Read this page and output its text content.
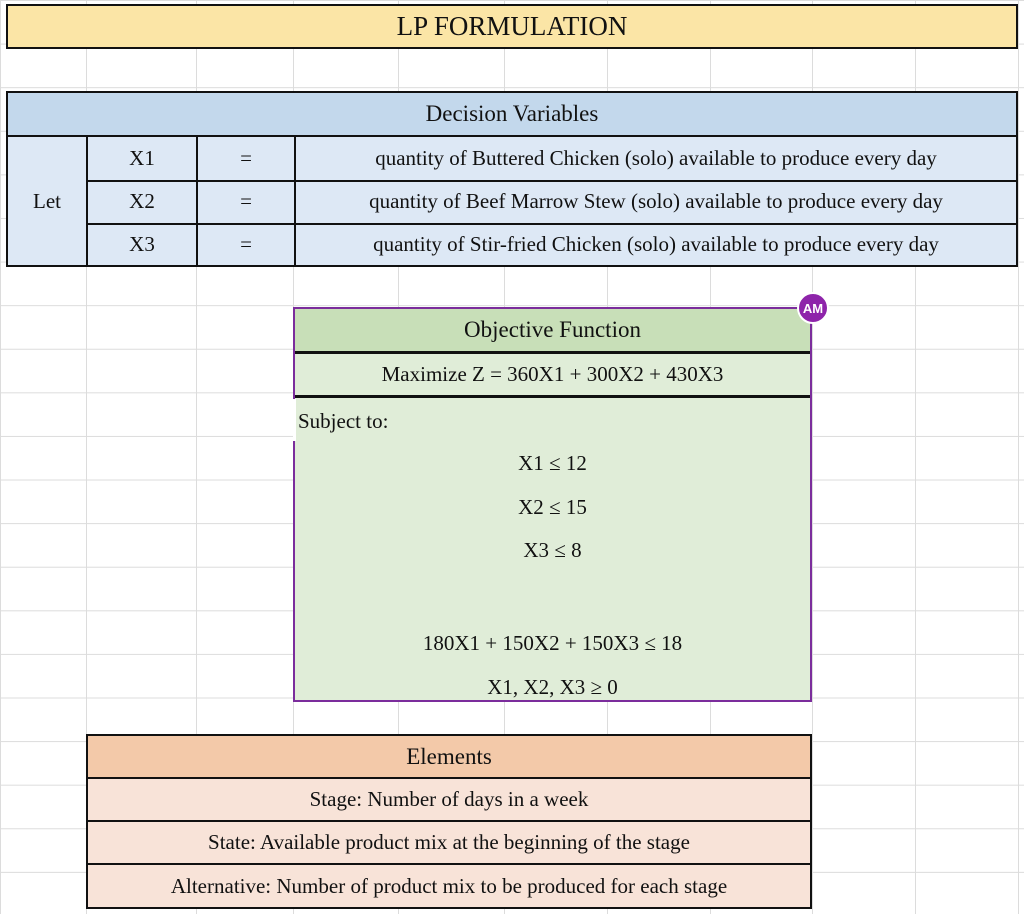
LP FORMULATION
Decision Variables
Let
X1	=	quantity of Buttered Chicken (solo) available to produce every day
X2	=	quantity of Beef Marrow Stew (solo) available to produce every day
X3	=	quantity of Stir-fried Chicken (solo) available to produce every day
Objective Function
Maximize Z = 360X1 + 300X2 + 430X3
Subject to:
X1 ≤ 12
X2 ≤ 15
X3 ≤ 8
180X1 + 150X2 + 150X3 ≤ 18
X1, X2, X3 ≥ 0
AM
Elements
Stage: Number of days in a week
State: Available product mix at the beginning of the stage
Alternative: Number of product mix to be produced for each stage
